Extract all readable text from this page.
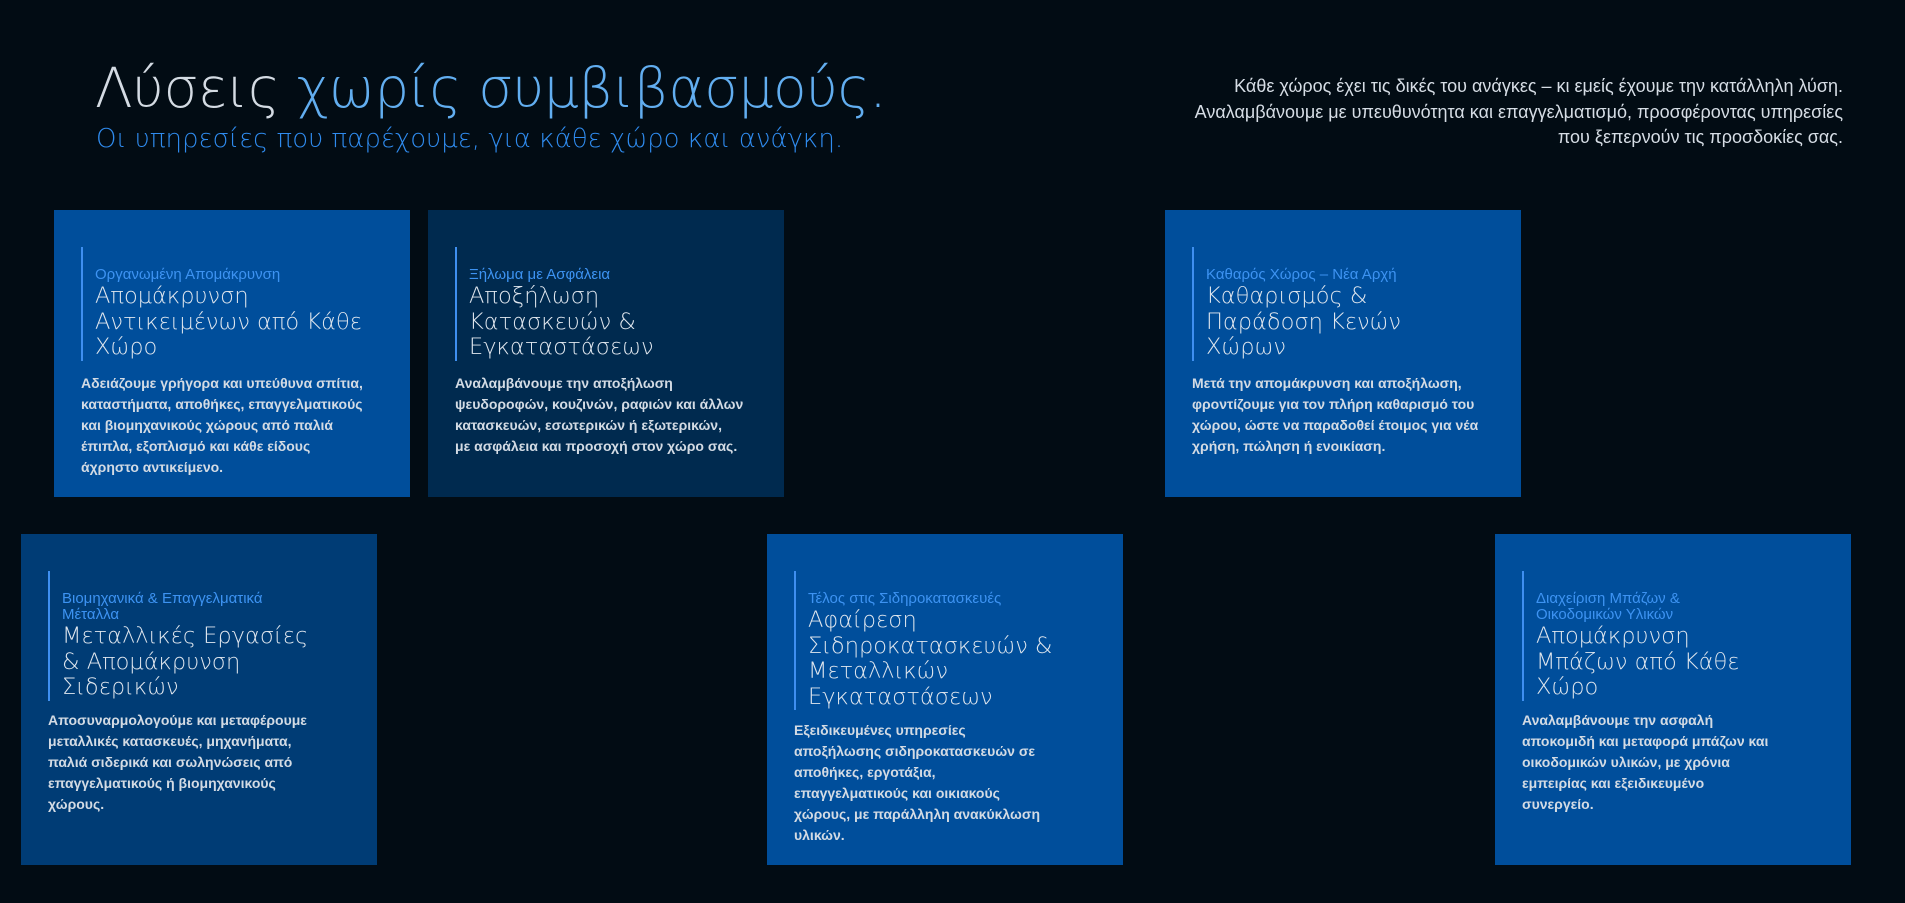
Λύσεις χωρίς συμβιβασμούς.
Οι υπηρεσίες που παρέχουμε, για κάθε χώρο και ανάγκη.

Κάθε χώρος έχει τις δικές του ανάγκες – κι εμείς έχουμε την κατάλληλη λύση.
Αναλαμβάνουμε με υπευθυνότητα και επαγγελματισμό, προσφέροντας υπηρεσίες
που ξεπερνούν τις προσδοκίες σας.

Οργανωμένη Απομάκρυνση
Απομάκρυνση
Αντικειμένων από Κάθε
Χώρο
Αδειάζουμε γρήγορα και υπεύθυνα σπίτια,
καταστήματα, αποθήκες, επαγγελματικούς
και βιομηχανικούς χώρους από παλιά
έπιπλα, εξοπλισμό και κάθε είδους
άχρηστο αντικείμενο.
Ξήλωμα με Ασφάλεια
Αποξήλωση
Κατασκευών &
Εγκαταστάσεων
Αναλαμβάνουμε την αποξήλωση
ψευδοροφών, κουζινών, ραφιών και άλλων
κατασκευών, εσωτερικών ή εξωτερικών,
με ασφάλεια και προσοχή στον χώρο σας.
Καθαρός Χώρος – Νέα Αρχή
Καθαρισμός &
Παράδοση Κενών
Χώρων
Μετά την απομάκρυνση και αποξήλωση,
φροντίζουμε για τον πλήρη καθαρισμό του
χώρου, ώστε να παραδοθεί έτοιμος για νέα
χρήση, πώληση ή ενοικίαση.
Βιομηχανικά & Επαγγελματικά
Μέταλλα
Μεταλλικές Εργασίες
& Απομάκρυνση
Σιδερικών
Αποσυναρμολογούμε και μεταφέρουμε
μεταλλικές κατασκευές, μηχανήματα,
παλιά σιδερικά και σωληνώσεις από
επαγγελματικούς ή βιομηχανικούς
χώρους.
Τέλος στις Σιδηροκατασκευές
Αφαίρεση
Σιδηροκατασκευών &
Μεταλλικών
Εγκαταστάσεων
Εξειδικευμένες υπηρεσίες
αποξήλωσης σιδηροκατασκευών σε
αποθήκες, εργοτάξια,
επαγγελματικούς και οικιακούς
χώρους, με παράλληλη ανακύκλωση
υλικών.
Διαχείριση Μπάζων &
Οικοδομικών Υλικών
Απομάκρυνση
Μπάζων από Κάθε
Χώρο
Αναλαμβάνουμε την ασφαλή
αποκομιδή και μεταφορά μπάζων και
οικοδομικών υλικών, με χρόνια
εμπειρίας και εξειδικευμένο
συνεργείο.
